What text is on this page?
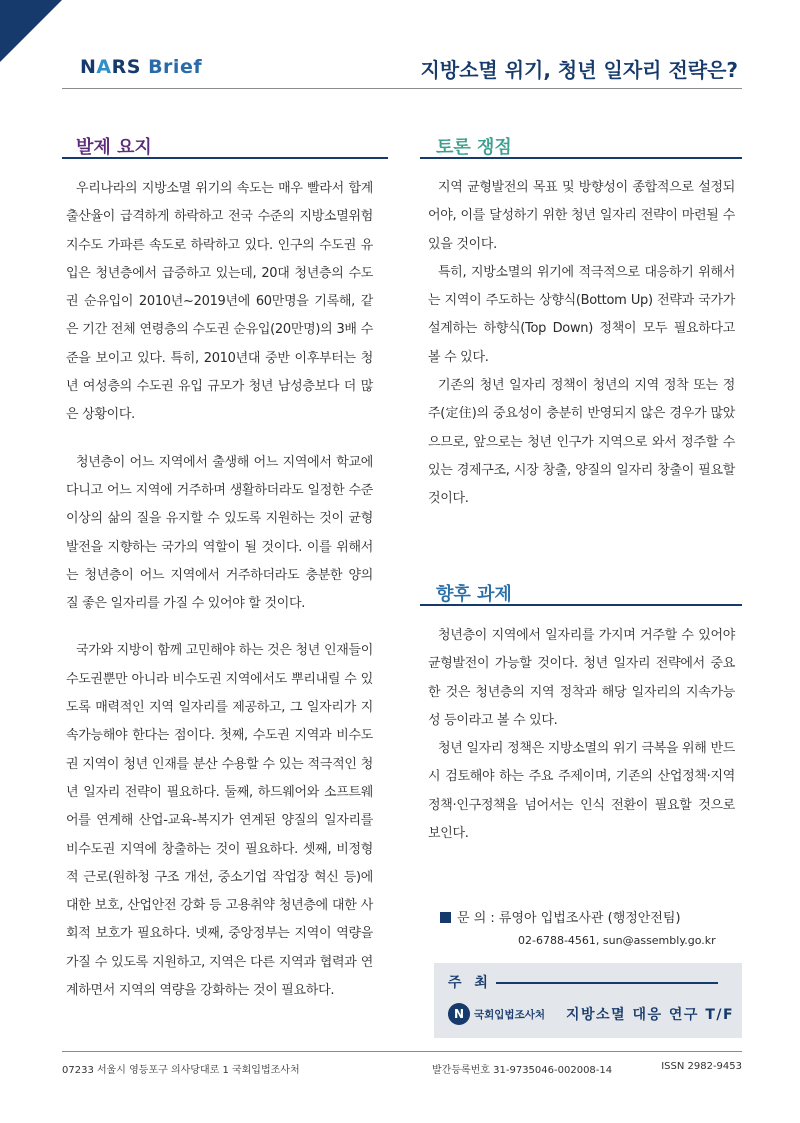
NARS Brief	지방소멸 위기, 청년 일자리 전략은?
발제 요지

우리나라의 지방소멸 위기의 속도는 매우 빨라서 합계출산율이 급격하게 하락하고 전국 수준의 지방소멸위험지수도 가파른 속도로 하락하고 있다. 인구의 수도권 유입은 청년층에서 급증하고 있는데, 20대 청년층의 수도권 순유입이 2010년~2019년에 60만명을 기록해, 같은 기간 전체 연령층의 수도권 순유입(20만명)의 3배 수준을 보이고 있다. 특히, 2010년대 중반 이후부터는 청년 여성층의 수도권 유입 규모가 청년 남성층보다 더 많은 상황이다.

청년층이 어느 지역에서 출생해 어느 지역에서 학교에 다니고 어느 지역에 거주하며 생활하더라도 일정한 수준 이상의 삶의 질을 유지할 수 있도록 지원하는 것이 균형발전을 지향하는 국가의 역할이 될 것이다. 이를 위해서는 청년층이 어느 지역에서 거주하더라도 충분한 양의 질 좋은 일자리를 가질 수 있어야 할 것이다.

국가와 지방이 함께 고민해야 하는 것은 청년 인재들이 수도권뿐만 아니라 비수도권 지역에서도 뿌리내릴 수 있도록 매력적인 지역 일자리를 제공하고, 그 일자리가 지속가능해야 한다는 점이다. 첫째, 수도권 지역과 비수도권 지역이 청년 인재를 분산 수용할 수 있는 적극적인 청년 일자리 전략이 필요하다. 둘째, 하드웨어와 소프트웨어를 연계해 산업-교육-복지가 연계된 양질의 일자리를 비수도권 지역에 창출하는 것이 필요하다. 셋째, 비정형적 근로(원하청 구조 개선, 중소기업 작업장 혁신 등)에 대한 보호, 산업안전 강화 등 고용취약 청년층에 대한 사회적 보호가 필요하다. 넷째, 중앙정부는 지역이 역량을 가질 수 있도록 지원하고, 지역은 다른 지역과 협력과 연계하면서 지역의 역량을 강화하는 것이 필요하다.

토론 쟁점

지역 균형발전의 목표 및 방향성이 종합적으로 설정되어야, 이를 달성하기 위한 청년 일자리 전략이 마련될 수 있을 것이다.

특히, 지방소멸의 위기에 적극적으로 대응하기 위해서는 지역이 주도하는 상향식(Bottom Up) 전략과 국가가 설계하는 하향식(Top Down) 정책이 모두 필요하다고 볼 수 있다.

기존의 청년 일자리 정책이 청년의 지역 정착 또는 정주(定住)의 중요성이 충분히 반영되지 않은 경우가 많았으므로, 앞으로는 청년 인구가 지역으로 와서 정주할 수 있는 경제구조, 시장 창출, 양질의 일자리 창출이 필요할 것이다.

향후 과제

청년층이 지역에서 일자리를 가지며 거주할 수 있어야 균형발전이 가능할 것이다. 청년 일자리 전략에서 중요한 것은 청년층의 지역 정착과 해당 일자리의 지속가능성 등이라고 볼 수 있다.

청년 일자리 정책은 지방소멸의 위기 극복을 위해 반드시 검토해야 하는 주요 주제이며, 기존의 산업정책·지역정책·인구정책을 넘어서는 인식 전환이 필요할 것으로 보인다.

문 의 : 류영아 입법조사관 (행정안전팀)
02-6788-4561, sun@assembly.go.kr
주 최
N 국회입법조사처 지방소멸 대응 연구 T/F
07233 서울시 영등포구 의사당대로 1 국회입법조사처	발간등록번호 31-9735046-002008-14	ISSN 2982-9453
